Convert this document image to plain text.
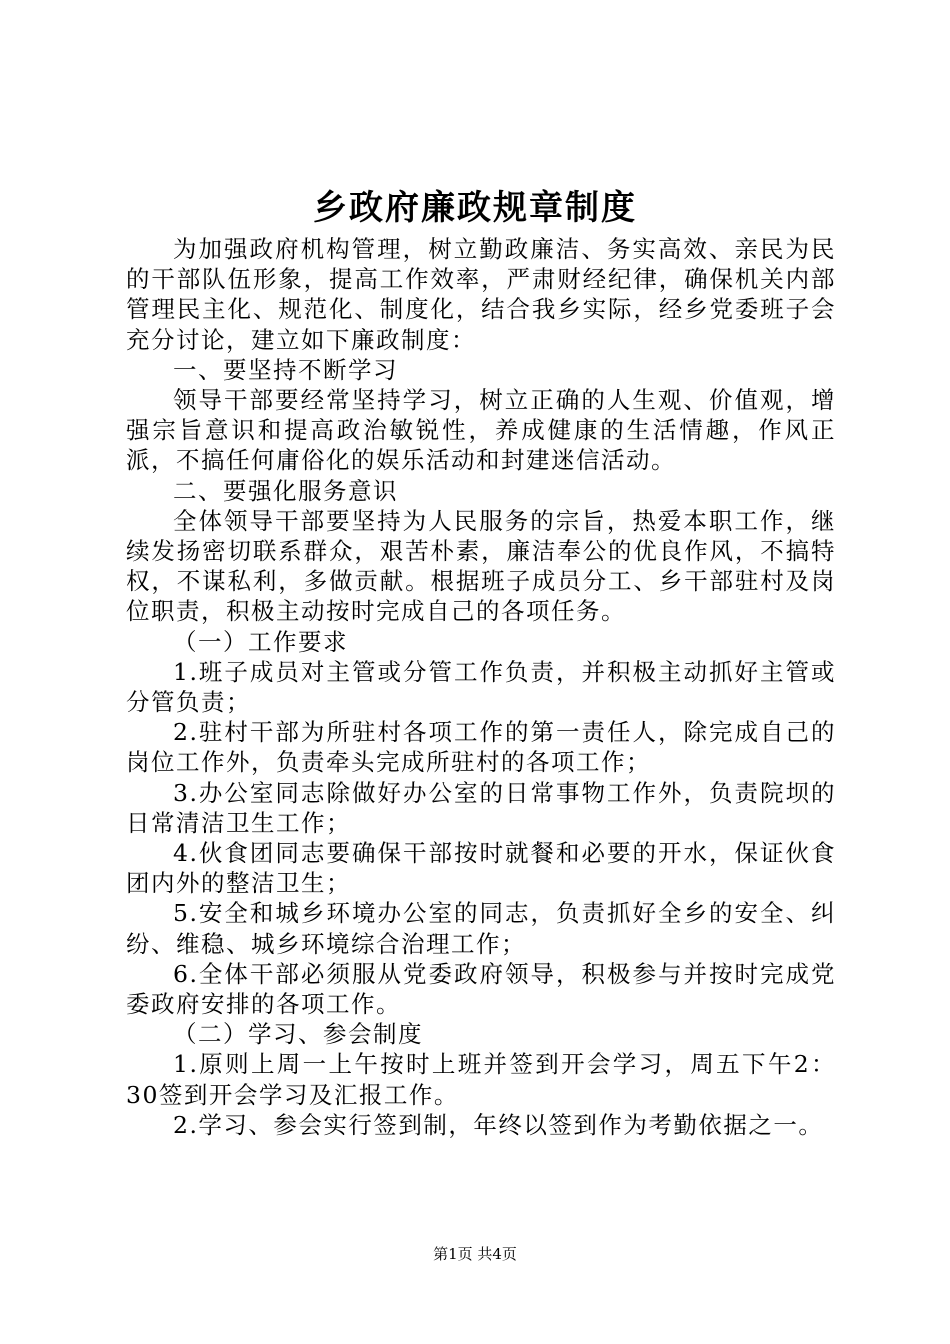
乡政府廉政规章制度

为加强政府机构管理，树立勤政廉洁、务实高效、亲民为民的干部队伍形象，提高工作效率，严肃财经纪律，确保机关内部管理民主化、规范化、制度化，结合我乡实际，经乡党委班子会充分讨论，建立如下廉政制度：

一、要坚持不断学习

领导干部要经常坚持学习，树立正确的人生观、价值观，增强宗旨意识和提高政治敏锐性，养成健康的生活情趣，作风正派，不搞任何庸俗化的娱乐活动和封建迷信活动。

二、要强化服务意识

全体领导干部要坚持为人民服务的宗旨，热爱本职工作，继续发扬密切联系群众，艰苦朴素，廉洁奉公的优良作风，不搞特权，不谋私利，多做贡献。根据班子成员分工、乡干部驻村及岗位职责，积极主动按时完成自己的各项任务。

（一）工作要求

1.班子成员对主管或分管工作负责，并积极主动抓好主管或分管负责；

2.驻村干部为所驻村各项工作的第一责任人，除完成自己的岗位工作外，负责牵头完成所驻村的各项工作；

3.办公室同志除做好办公室的日常事物工作外，负责院坝的日常清洁卫生工作；

4.伙食团同志要确保干部按时就餐和必要的开水，保证伙食团内外的整洁卫生；

5.安全和城乡环境办公室的同志，负责抓好全乡的安全、纠纷、维稳、城乡环境综合治理工作；

6.全体干部必须服从党委政府领导，积极参与并按时完成党委政府安排的各项工作。

（二）学习、参会制度

1.原则上周一上午按时上班并签到开会学习，周五下午2：30签到开会学习及汇报工作。

2.学习、参会实行签到制，年终以签到作为考勤依据之一。

第1页 共4页
